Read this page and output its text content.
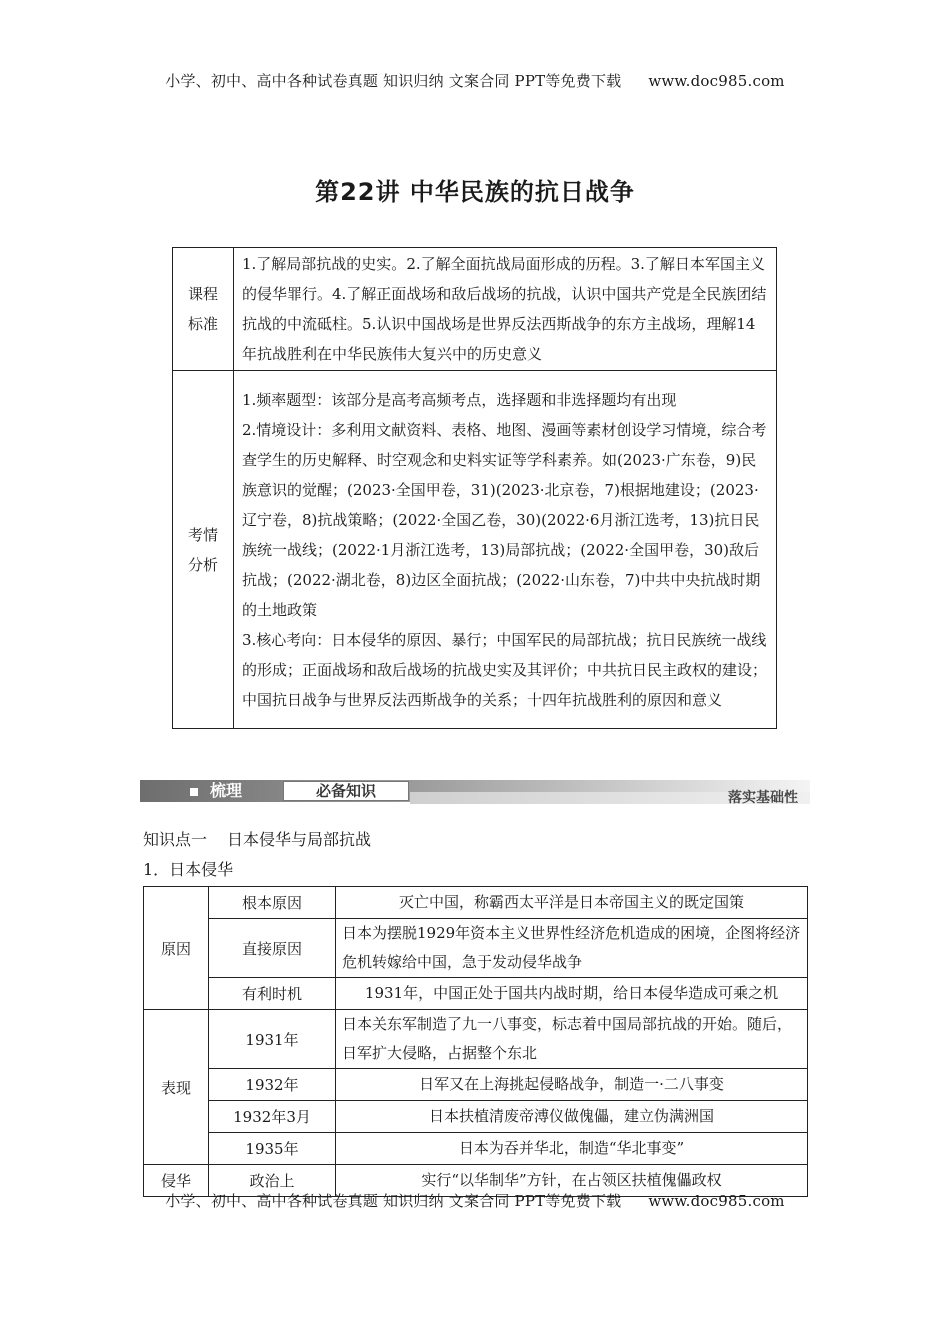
小学、初中、高中各种试卷真题 知识归纳 文案合同 PPT等免费下载 www.doc985.com
第22讲 中华民族的抗日战争
课程标准	1.了解局部抗战的史实。2.了解全面抗战局面形成的历程。3.了解日本军国主义的侵华罪行。4.了解正面战场和敌后战场的抗战，认识中国共产党是全民族团结抗战的中流砥柱。5.认识中国战场是世界反法西斯战争的东方主战场，理解14年抗战胜利在中华民族伟大复兴中的历史意义
考情分析	1.频率题型：该部分是高考高频考点，选择题和非选择题均有出现

2.情境设计：多利用文献资料、表格、地图、漫画等素材创设学习情境，综合考查学生的历史解释、时空观念和史料实证等学科素养。如(2023·广东卷，9)民族意识的觉醒；(2023·全国甲卷，31)(2023·北京卷，7)根据地建设；(2023·辽宁卷，8)抗战策略；(2022·全国乙卷，30)(2022·6月浙江选考，13)抗日民族统一战线；(2022·1月浙江选考，13)局部抗战；(2022·全国甲卷，30)敌后抗战；(2022·湖北卷，8)边区全面抗战；(2022·山东卷，7)中共中央抗战时期的土地政策

3.核心考向：日本侵华的原因、暴行；中国军民的局部抗战；抗日民族统一战线的形成；正面战场和敌后战场的抗战史实及其评价；中共抗日民主政权的建设；中国抗日战争与世界反法西斯战争的关系；十四年抗战胜利的原因和意义

梳理	必备知识	落实基础性
知识点一 日本侵华与局部抗战
1．日本侵华
原因	根本原因	灭亡中国，称霸西太平洋是日本帝国主义的既定国策
	直接原因	日本为摆脱1929年资本主义世界性经济危机造成的困境，企图将经济危机转嫁给中国，急于发动侵华战争
	有利时机	1931年，中国正处于国共内战时期，给日本侵华造成可乘之机
表现	1931年	日本关东军制造了九一八事变，标志着中国局部抗战的开始。随后，日军扩大侵略，占据整个东北
	1932年	日军又在上海挑起侵略战争，制造一·二八事变
	1932年3月	日本扶植清废帝溥仪做傀儡，建立伪满洲国
	1935年	日本为吞并华北，制造“华北事变”
侵华	政治上	实行“以华制华”方针，在占领区扶植傀儡政权
小学、初中、高中各种试卷真题 知识归纳 文案合同 PPT等免费下载 www.doc985.com
